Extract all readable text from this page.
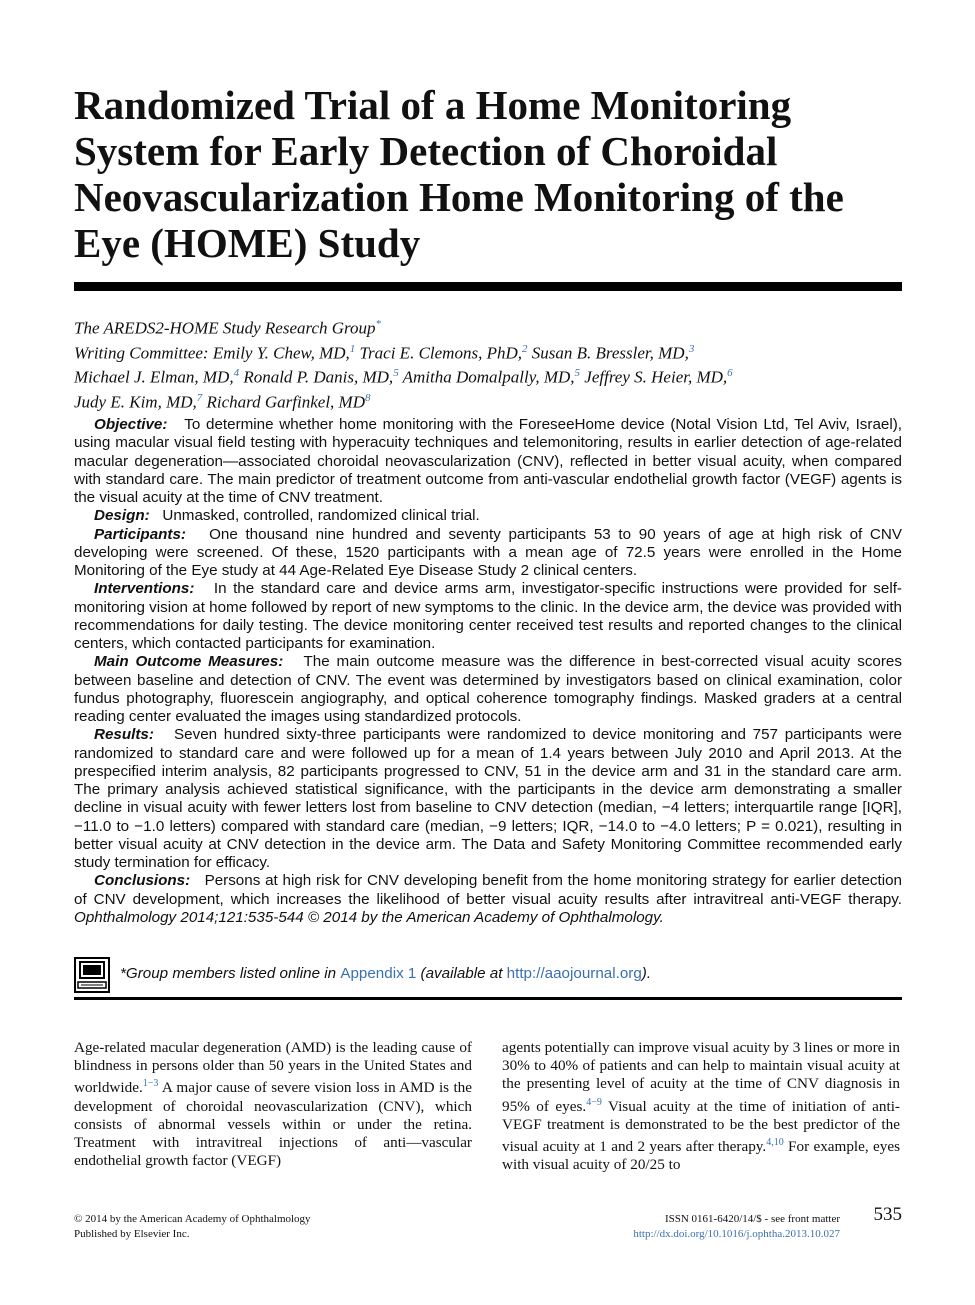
Randomized Trial of a Home Monitoring System for Early Detection of Choroidal Neovascularization Home Monitoring of the Eye (HOME) Study
The AREDS2-HOME Study Research Group*
Writing Committee: Emily Y. Chew, MD,$^1$ Traci E. Clemons, PhD,$^2$ Susan B. Bressler, MD,$^3$
Michael J. Elman, MD,$^4$ Ronald P. Danis, MD,$^5$ Amitha Domalpally, MD,$^5$ Jeffrey S. Heier, MD,$^6$
Judy E. Kim, MD,$^7$ Richard Garfinkel, $MD^8$

Objective: To determine whether home monitoring with the ForeseeHome device (Notal Vision Ltd, Tel Aviv, Israel), using macular visual field testing with hyperacuity techniques and telemonitoring, results in earlier detection of age-related macular degeneration—associated choroidal neovascularization (CNV), reflected in better visual acuity, when compared with standard care. The main predictor of treatment outcome from anti-vascular endothelial growth factor (VEGF) agents is the visual acuity at the time of CNV treatment.

Design: Unmasked, controlled, randomized clinical trial.

Participants: One thousand nine hundred and seventy participants 53 to 90 years of age at high risk of CNV developing were screened. Of these, 1520 participants with a mean age of 72.5 years were enrolled in the Home Monitoring of the Eye study at 44 Age-Related Eye Disease Study 2 clinical centers.

Interventions: In the standard care and device arms arm, investigator-specific instructions were provided for self-monitoring vision at home followed by report of new symptoms to the clinic. In the device arm, the device was provided with recommendations for daily testing. The device monitoring center received test results and reported changes to the clinical centers, which contacted participants for examination.

Main Outcome Measures: The main outcome measure was the difference in best-corrected visual acuity scores between baseline and detection of CNV. The event was determined by investigators based on clinical examination, color fundus photography, fluorescein angiography, and optical coherence tomography findings. Masked graders at a central reading center evaluated the images using standardized protocols.

Results: Seven hundred sixty-three participants were randomized to device monitoring and 757 participants were randomized to standard care and were followed up for a mean of 1.4 years between July 2010 and April 2013. At the prespecified interim analysis, 82 participants progressed to CNV, 51 in the device arm and 31 in the standard care arm. The primary analysis achieved statistical significance, with the participants in the device arm demonstrating a smaller decline in visual acuity with fewer letters lost from baseline to CNV detection (median, −4 letters; interquartile range [IQR], −11.0 to −1.0 letters) compared with standard care (median, −9 letters; IQR, −14.0 to −4.0 letters; P = 0.021), resulting in better visual acuity at CNV detection in the device arm. The Data and Safety Monitoring Committee recommended early study termination for efficacy.

Conclusions: Persons at high risk for CNV developing benefit from the home monitoring strategy for earlier detection of CNV development, which increases the likelihood of better visual acuity results after intravitreal anti-VEGF therapy. Ophthalmology 2014;121:535-544 © 2014 by the American Academy of Ophthalmology.

*Group members listed online in Appendix 1 (available at http://aaojournal.org).
Age-related macular degeneration (AMD) is the leading cause of blindness in persons older than 50 years in the United States and worldwide.$^{1-3}$ A major cause of severe vision loss in AMD is the development of choroidal neovascularization (CNV), which consists of abnormal vessels within or under the retina. Treatment with intravitreal injections of anti—vascular endothelial growth factor (VEGF)
agents potentially can improve visual acuity by 3 lines or more in 30% to 40% of patients and can help to maintain visual acuity at the presenting level of acuity at the time of CNV diagnosis in 95% of eyes.$^{4-9}$ Visual acuity at the time of initiation of anti-VEGF treatment is demonstrated to be the best predictor of the visual acuity at 1 and 2 years after therapy.$^{4,10}$ For example, eyes with visual acuity of 20/25 to
© 2014 by the American Academy of Ophthalmology
Published by Elsevier Inc.
ISSN 0161-6420/14/$ - see front matter
http://dx.doi.org/10.1016/j.ophtha.2013.10.027
535
